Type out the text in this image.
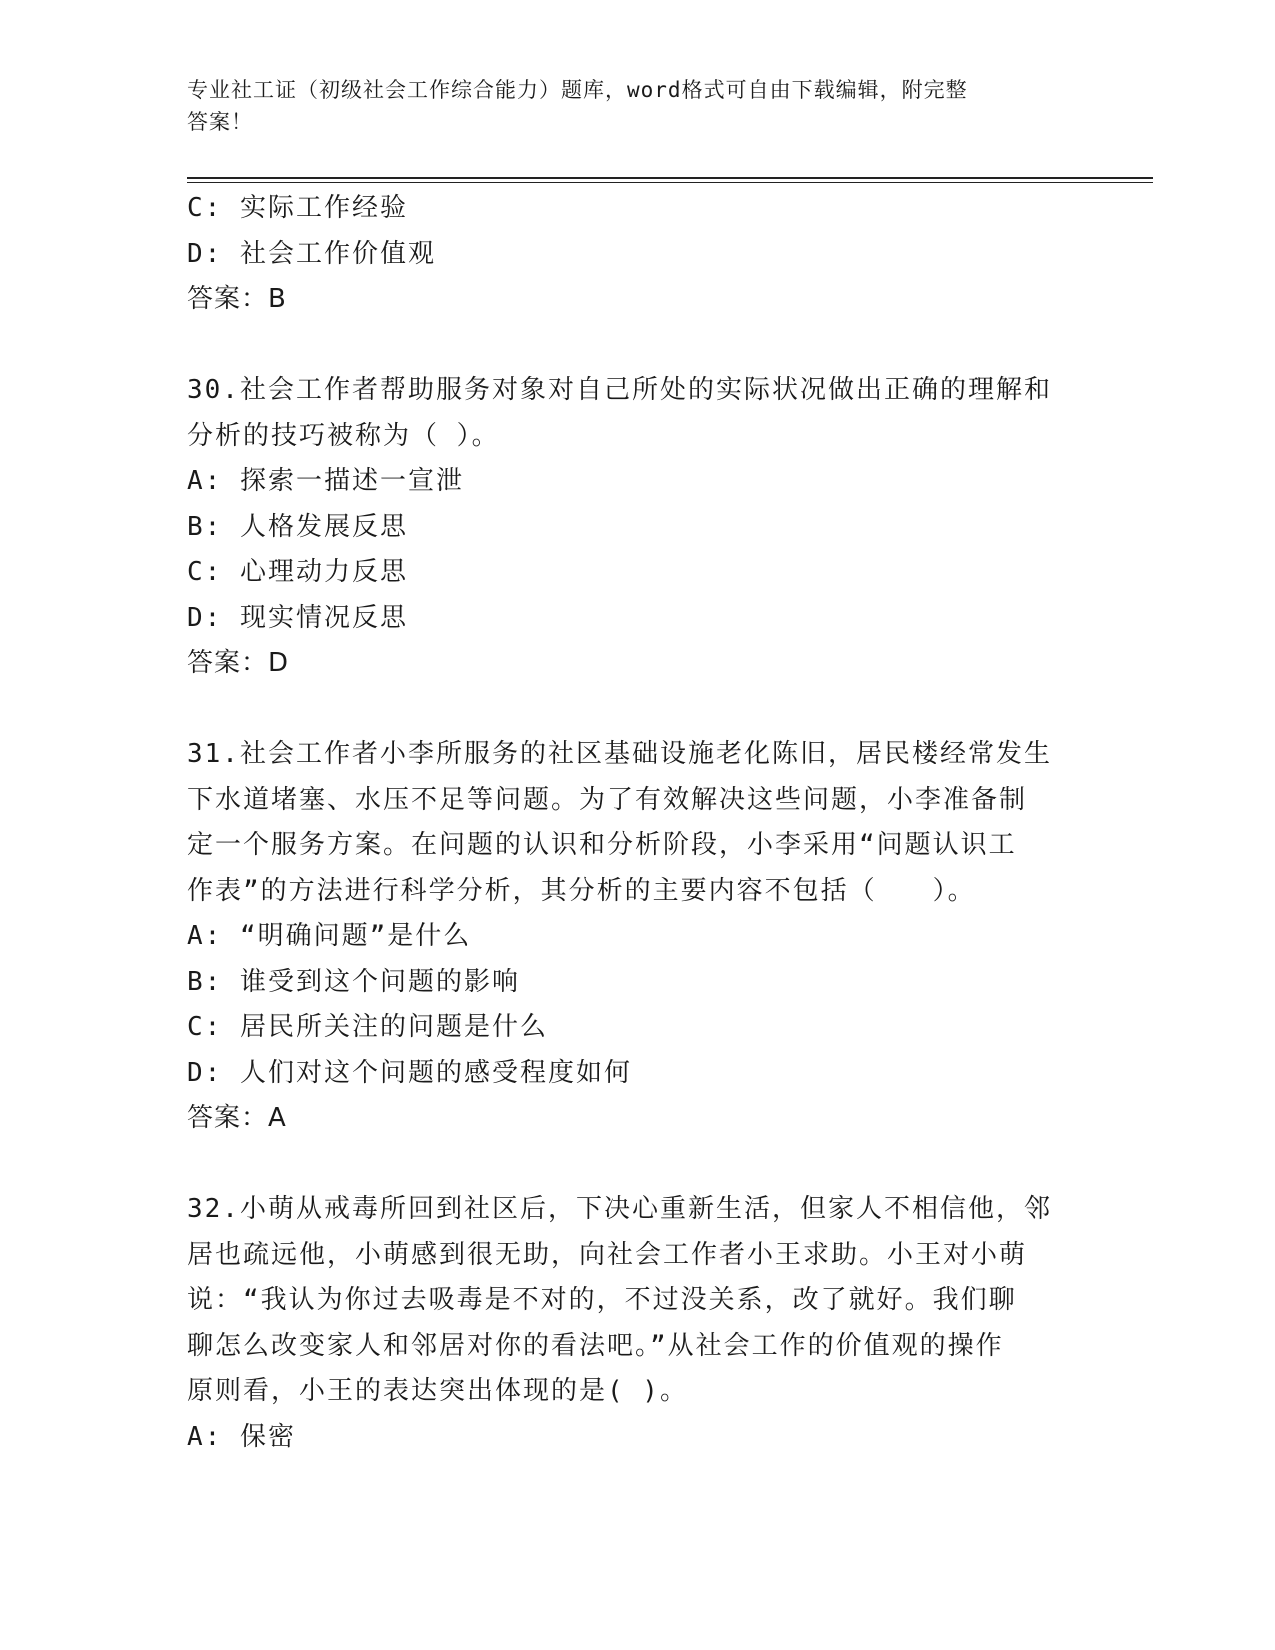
专业社工证（初级社会工作综合能力）题库，word格式可自由下载编辑，附完整
答案！
C: 实际工作经验
D: 社会工作价值观
答案：B
30.社会工作者帮助服务对象对自己所处的实际状况做出正确的理解和
分析的技巧被称为（ ）。
A: 探索一描述一宣泄
B: 人格发展反思
C: 心理动力反思
D: 现实情况反思
答案：D
31.社会工作者小李所服务的社区基础设施老化陈旧，居民楼经常发生
下水道堵塞、水压不足等问题。为了有效解决这些问题，小李准备制
定一个服务方案。在问题的认识和分析阶段，小李采用“问题认识工
作表”的方法进行科学分析，其分析的主要内容不包括（　　）。
A: “明确问题”是什么
B: 谁受到这个问题的影响
C: 居民所关注的问题是什么
D: 人们对这个问题的感受程度如何
答案：A
32.小萌从戒毒所回到社区后，下决心重新生活，但家人不相信他，邻
居也疏远他，小萌感到很无助，向社会工作者小王求助。小王对小萌
说：“我认为你过去吸毒是不对的，不过没关系，改了就好。我们聊
聊怎么改变家人和邻居对你的看法吧。”从社会工作的价值观的操作
原则看，小王的表达突出体现的是( )。
A: 保密
